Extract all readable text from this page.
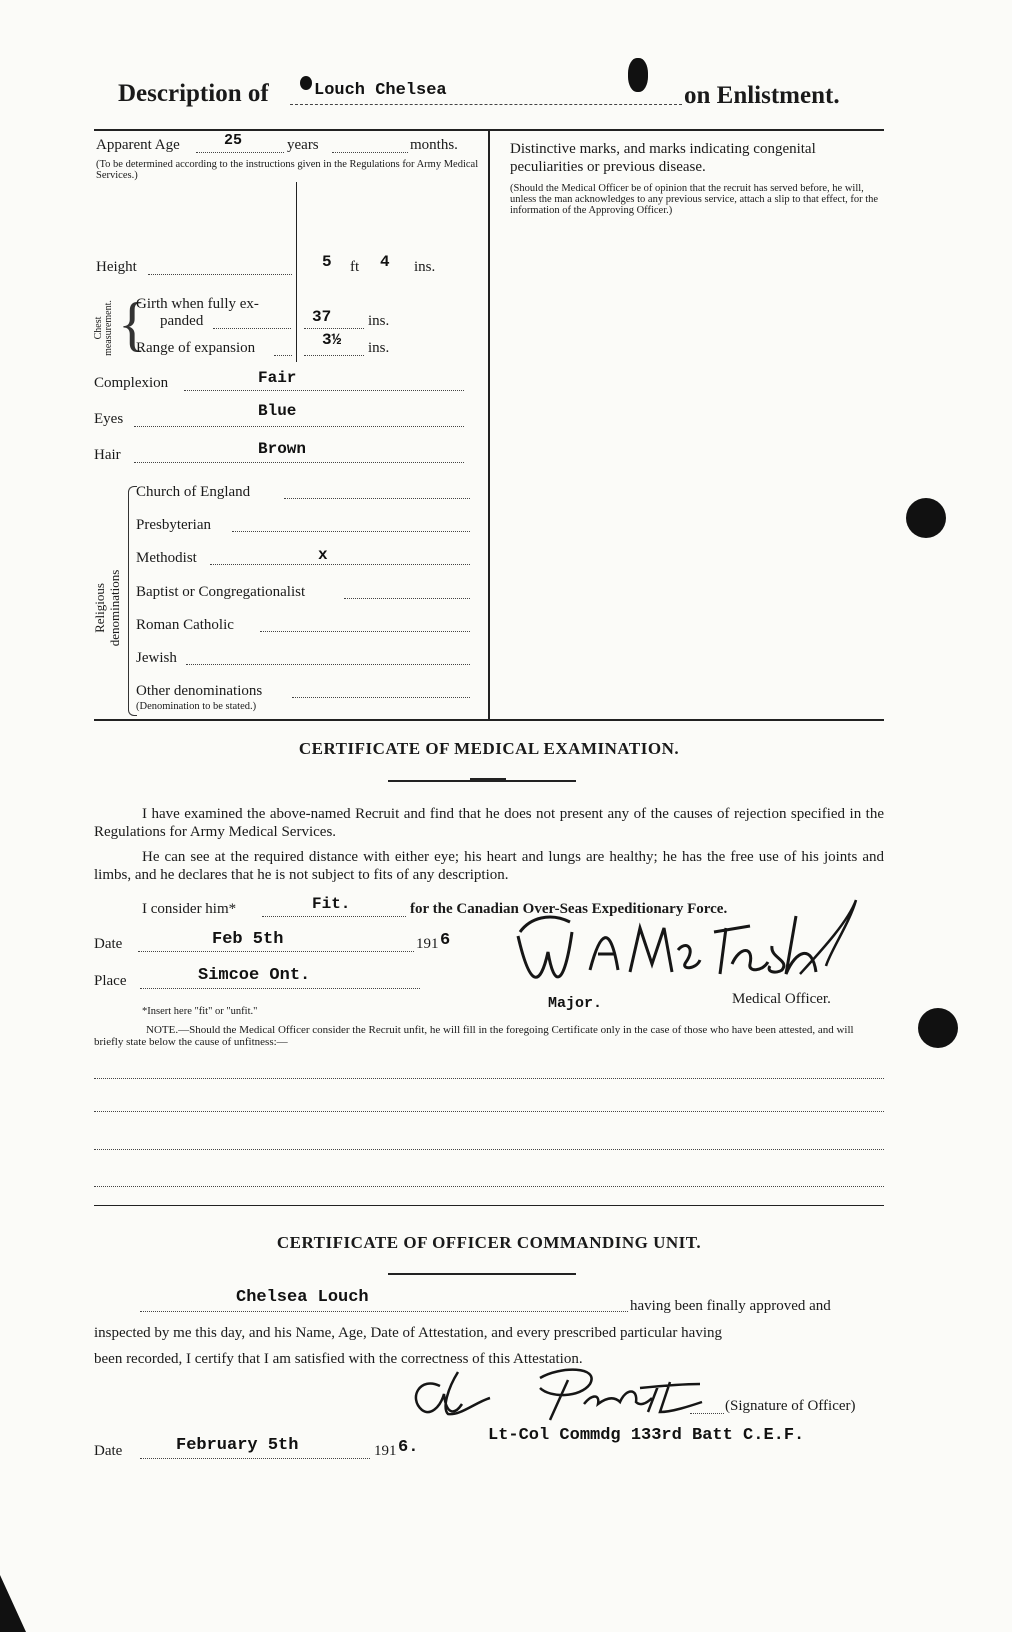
Description of	Louch Chelsea	on Enlistment.
Apparent Age	25	years	months.
(To be determined according to the instructions given in the Regulations for Army Medical Services.)
Height	5 ft 4 ins.
Chest measurement. {
Girth when fully ex-
panded	37 ins.
Range of expansion	3½ ins.
Complexion	Fair
Eyes	Blue
Hair	Brown
Religious denominations
Church of England
Presbyterian
Methodist	x
Baptist or Congregationalist
Roman Catholic
Jewish
Other denominations
(Denomination to be stated.)
Distinctive marks, and marks indicating congenital peculiarities or previous disease.
(Should the Medical Officer be of opinion that the recruit has served before, he will, unless the man acknowledges to any previous service, attach a slip to that effect, for the information of the Approving Officer.)
CERTIFICATE OF MEDICAL EXAMINATION.
I have examined the above-named Recruit and find that he does not present any of the causes of rejection specified in the Regulations for Army Medical Services.
He can see at the required distance with either eye; his heart and lungs are healthy; he has the free use of his joints and limbs, and he declares that he is not subject to fits of any description.
I consider him*	Fit.	for the Canadian Over-Seas Expeditionary Force.
Date	Feb 5th	191 6
Place	Simcoe Ont.
Major.	Medical Officer.
*Insert here "fit" or "unfit."
NOTE.—Should the Medical Officer consider the Recruit unfit, he will fill in the foregoing Certificate only in the case of those who have been attested, and will briefly state below the cause of unfitness:—
CERTIFICATE OF OFFICER COMMANDING UNIT.
Chelsea Louch	having been finally approved and
inspected by me this day, and his Name, Age, Date of Attestation, and every prescribed particular having
been recorded, I certify that I am satisfied with the correctness of this Attestation.
(Signature of Officer)
Date	February 5th	191 6.
Lt-Col Commdg 133rd Batt C.E.F.
